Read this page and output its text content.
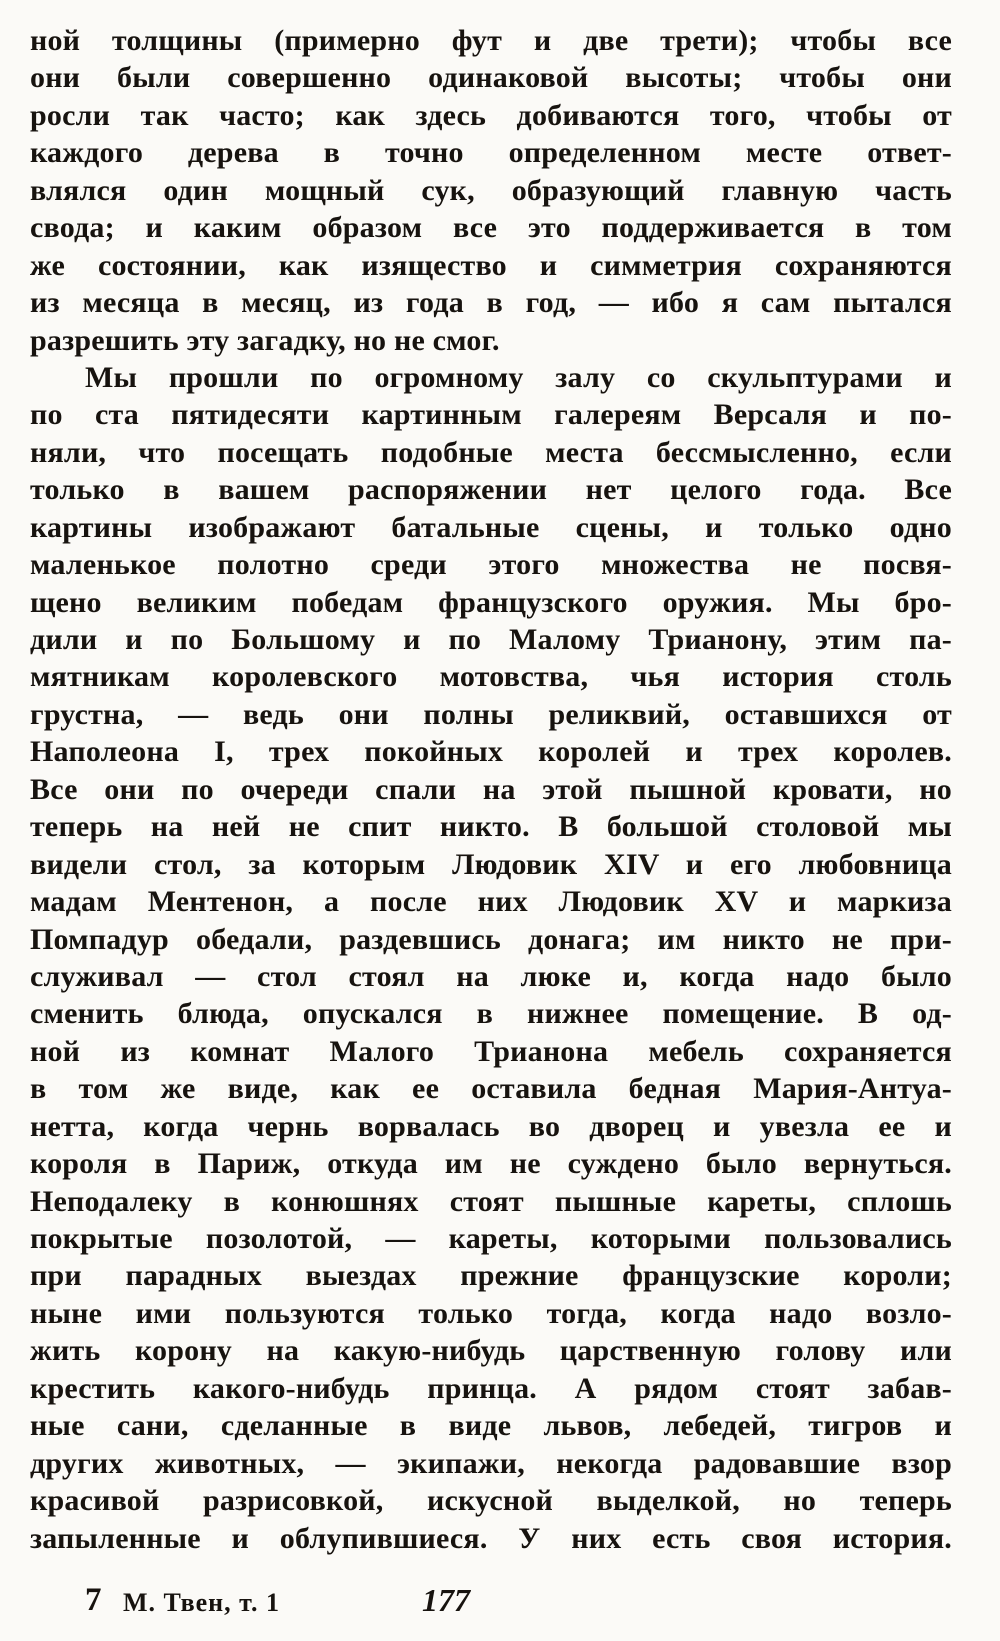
ной толщины (примерно фут и две трети); чтобы все
они были совершенно одинаковой высоты; чтобы они
росли так часто; как здесь добиваются того, чтобы от
каждого дерева в точно определенном месте ответ-
влялся один мощный сук, образующий главную часть
свода; и каким образом все это поддерживается в том
же состоянии, как изящество и симметрия сохраняются
из месяца в месяц, из года в год, — ибо я сам пытался
разрешить эту загадку, но не смог.
Мы прошли по огромному залу со скульптурами и
по ста пятидесяти картинным галереям Версаля и по-
няли, что посещать подобные места бессмысленно, если
только в вашем распоряжении нет целого года. Все
картины изображают батальные сцены, и только одно
маленькое полотно среди этого множества не посвя-
щено великим победам французского оружия. Мы бро-
дили и по Большому и по Малому Трианону, этим па-
мятникам королевского мотовства, чья история столь
грустна, — ведь они полны реликвий, оставшихся от
Наполеона I, трех покойных королей и трех королев.
Все они по очереди спали на этой пышной кровати, но
теперь на ней не спит никто. В большой столовой мы
видели стол, за которым Людовик XIV и его любовница
мадам Ментенон, а после них Людовик XV и маркиза
Помпадур обедали, раздевшись донага; им никто не при-
служивал — стол стоял на люке и, когда надо было
сменить блюда, опускался в нижнее помещение. В од-
ной из комнат Малого Трианона мебель сохраняется
в том же виде, как ее оставила бедная Мария-Антуа-
нетта, когда чернь ворвалась во дворец и увезла ее и
короля в Париж, откуда им не суждено было вернуться.
Неподалеку в конюшнях стоят пышные кареты, сплошь
покрытые позолотой, — кареты, которыми пользовались
при парадных выездах прежние французские короли;
ныне ими пользуются только тогда, когда надо возло-
жить корону на какую-нибудь царственную голову или
крестить какого-нибудь принца. А рядом стоят забав-
ные сани, сделанные в виде львов, лебедей, тигров и
других животных, — экипажи, некогда радовавшие взор
красивой разрисовкой, искусной выделкой, но теперь
запыленные и облупившиеся. У них есть своя история.
7 М. Твен, т. 1	177
